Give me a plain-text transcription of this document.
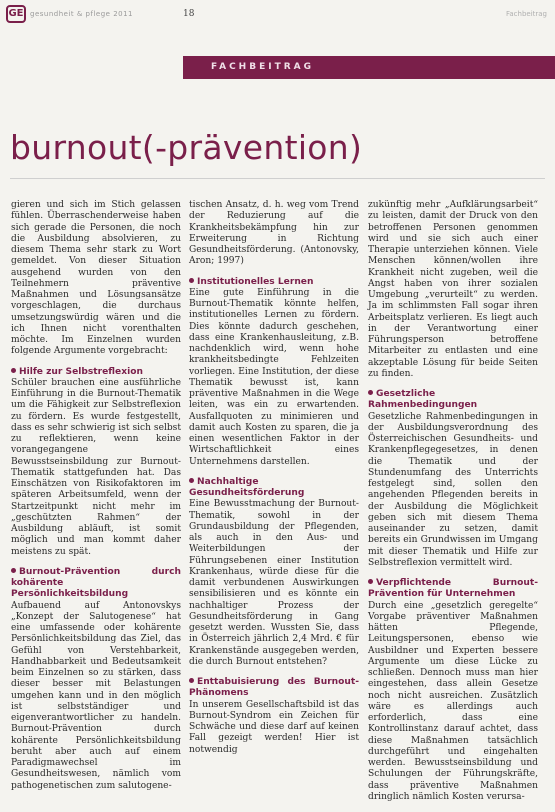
GE gesundheit & pflege 2011	18	Fachbeitrag
FACHBEITRAG
burnout(-prävention)

gieren und sich im Stich gelassen fühlen. Überraschenderweise haben sich gerade die Personen, die noch die Ausbildung absolvieren, zu diesem Thema sehr stark zu Wort gemeldet. Von dieser Situation ausgehend wurden von den Teilnehmern präventive Maßnahmen und Lösungsansätze vorgeschlagen, die durchaus umsetzungswürdig wären und die ich Ihnen nicht vorenthalten möchte. Im Einzelnen wurden folgende Argumente vorgebracht:

Hilfe zur Selbstreflexion

Schüler brauchen eine ausführliche Einführung in die Burnout-Thematik um die Fähigkeit zur Selbstreflexion zu fördern. Es wurde festgestellt, dass es sehr schwierig ist sich selbst zu reflektieren, wenn keine vorangegangene Bewusstseinsbildung zur Burnout-Thematik stattgefunden hat. Das Einschätzen von Risikofaktoren im späteren Arbeitsumfeld, wenn der Startzeitpunkt nicht mehr im „geschützten Rahmen“ der Ausbildung abläuft, ist somit möglich und man kommt daher meistens zu spät.

Burnout-Prävention durch kohärente Persönlichkeitsbildung

Aufbauend auf Antonovskys „Konzept der Salutogenese“ hat eine umfassende oder kohärente Persönlichkeitsbildung das Ziel, das Gefühl von Verstehbarkeit, Handhabbarkeit und Bedeutsamkeit beim Einzelnen so zu stärken, dass dieser besser mit Belastungen umgehen kann und in den möglich ist selbstständiger und eigenverantwortlicher zu handeln. Burnout-Prävention durch kohärente Persönlichkeitsbildung beruht aber auch auf einem Paradigmawechsel im Gesundheitswesen, nämlich vom pathogenetischen zum salutogene-

tischen Ansatz, d. h. weg vom Trend der Reduzierung auf die Krankheitsbekämpfung hin zur Erweiterung in Richtung Gesundheitsförderung. (Antonovsky, Aron; 1997)

Institutionelles Lernen

Eine gute Einführung in die Burnout-Thematik könnte helfen, institutionelles Lernen zu fördern. Dies könnte dadurch geschehen, dass eine Krankenhausleitung, z.B. nachdenklich wird, wenn hohe krankheitsbedingte Fehlzeiten vorliegen. Eine Institution, der diese Thematik bewusst ist, kann präventive Maßnahmen in die Wege leiten, was ein zu erwartenden. Ausfallquoten zu minimieren und damit auch Kosten zu sparen, die ja einen wesentlichen Faktor in der Wirtschaftlichkeit eines Unternehmens darstellen.

Nachhaltige Gesundheitsförderung

Eine Bewusstmachung der Burnout-Thematik, sowohl in der Grundausbildung der Pflegenden, als auch in den Aus- und Weiterbildungen der Führungsebenen einer Institution Krankenhaus, würde diese für die damit verbundenen Auswirkungen sensibilisieren und es könnte ein nachhaltiger Prozess der Gesundheitsförderung in Gang gesetzt werden. Wussten Sie, dass in Österreich jährlich 2,4 Mrd. € für Krankenstände ausgegeben werden, die durch Burnout entstehen?

Enttabuisierung des Burnout-Phänomens

In unserem Gesellschaftsbild ist das Burnout-Syndrom ein Zeichen für Schwäche und diese darf auf keinen Fall gezeigt werden! Hier ist notwendig

zukünftig mehr „Aufklärungsarbeit“ zu leisten, damit der Druck von den betroffenen Personen genommen wird und sie sich auch einer Therapie unterziehen können. Viele Menschen können/wollen ihre Krankheit nicht zugeben, weil die Angst haben von ihrer sozialen Umgebung „verurteilt“ zu werden. Ja im schlimmsten Fall sogar ihren Arbeitsplatz verlieren. Es liegt auch in der Verantwortung einer Führungsperson betroffene Mitarbeiter zu entlasten und eine akzeptable Lösung für beide Seiten zu finden.

Gesetzliche Rahmenbedingungen

Gesetzliche Rahmenbedingungen in der Ausbildungsverordnung des Österreichischen Gesundheits- und Krankenpflegegesetzes, in denen die Thematik und der Stundenumfang des Unterrichts festgelegt sind, sollen den angehenden Pflegenden bereits in der Ausbildung die Möglichkeit geben sich mit diesem Thema auseinander zu setzen, damit bereits ein Grundwissen im Umgang mit dieser Thematik und Hilfe zur Selbstreflexion vermittelt wird.

Verpflichtende Burnout-Prävention für Unternehmen

Durch eine „gesetzlich geregelte“ Vorgabe präventiver Maßnahmen hätten Pflegende, Leitungspersonen, ebenso wie Ausbildner und Experten bessere Argumente um diese Lücke zu schließen. Dennoch muss man hier eingestehen, dass allein Gesetze noch nicht ausreichen. Zusätzlich wäre es allerdings auch erforderlich, dass eine Kontrollinstanz darauf achtet, dass diese Maßnahmen tatsächlich durchgeführt und eingehalten werden. Bewusstseinsbildung und Schulungen der Führungskräfte, dass präventive Maßnahmen dringlich nämlich Kosten verursa-
